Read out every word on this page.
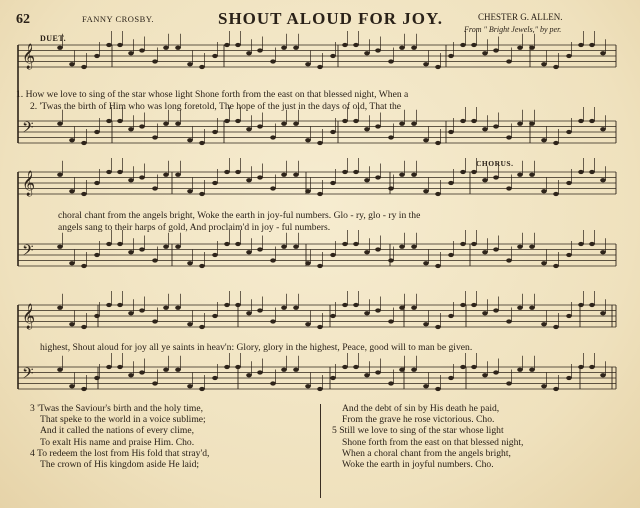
𝄞
𝄢
𝄞
𝄢
𝄞
𝄢
62	FANNY CROSBY.	SHOUT ALOUD FOR JOY.	CHESTER G. ALLEN.
From " Bright Jewels," by per.
DUET.
CHORUS.
1. How we love to sing of the star whose light Shone forth from the east on that blessed night, When a
2. 'Twas the birth of Him who was long foretold, The hope of the just in the days of old, That the
choral chant from the angels bright, Woke the earth in joy-ful numbers. Glo - ry, glo - ry in the
angels sang to their harps of gold, And proclaim'd in joy - ful numbers.
highest, Shout aloud for joy all ye saints in heav'n: Glory, glory in the highest, Peace, good will to man be given.
3 'Twas the Saviour's birth and the holy time,
That speke to the world in a voice sublime;
And it called the nations of every clime,
To exalt His name and praise Him. Cho.
4 To redeem the lost from His fold that stray'd,
The crown of His kingdom aside He laid;
And the debt of sin by His death he paid,
From the grave he rose victorious. Cho.
5 Still we love to sing of the star whose light
Shone forth from the east on that blessed night,
When a choral chant from the angels bright,
Woke the earth in joyful numbers. Cho.
